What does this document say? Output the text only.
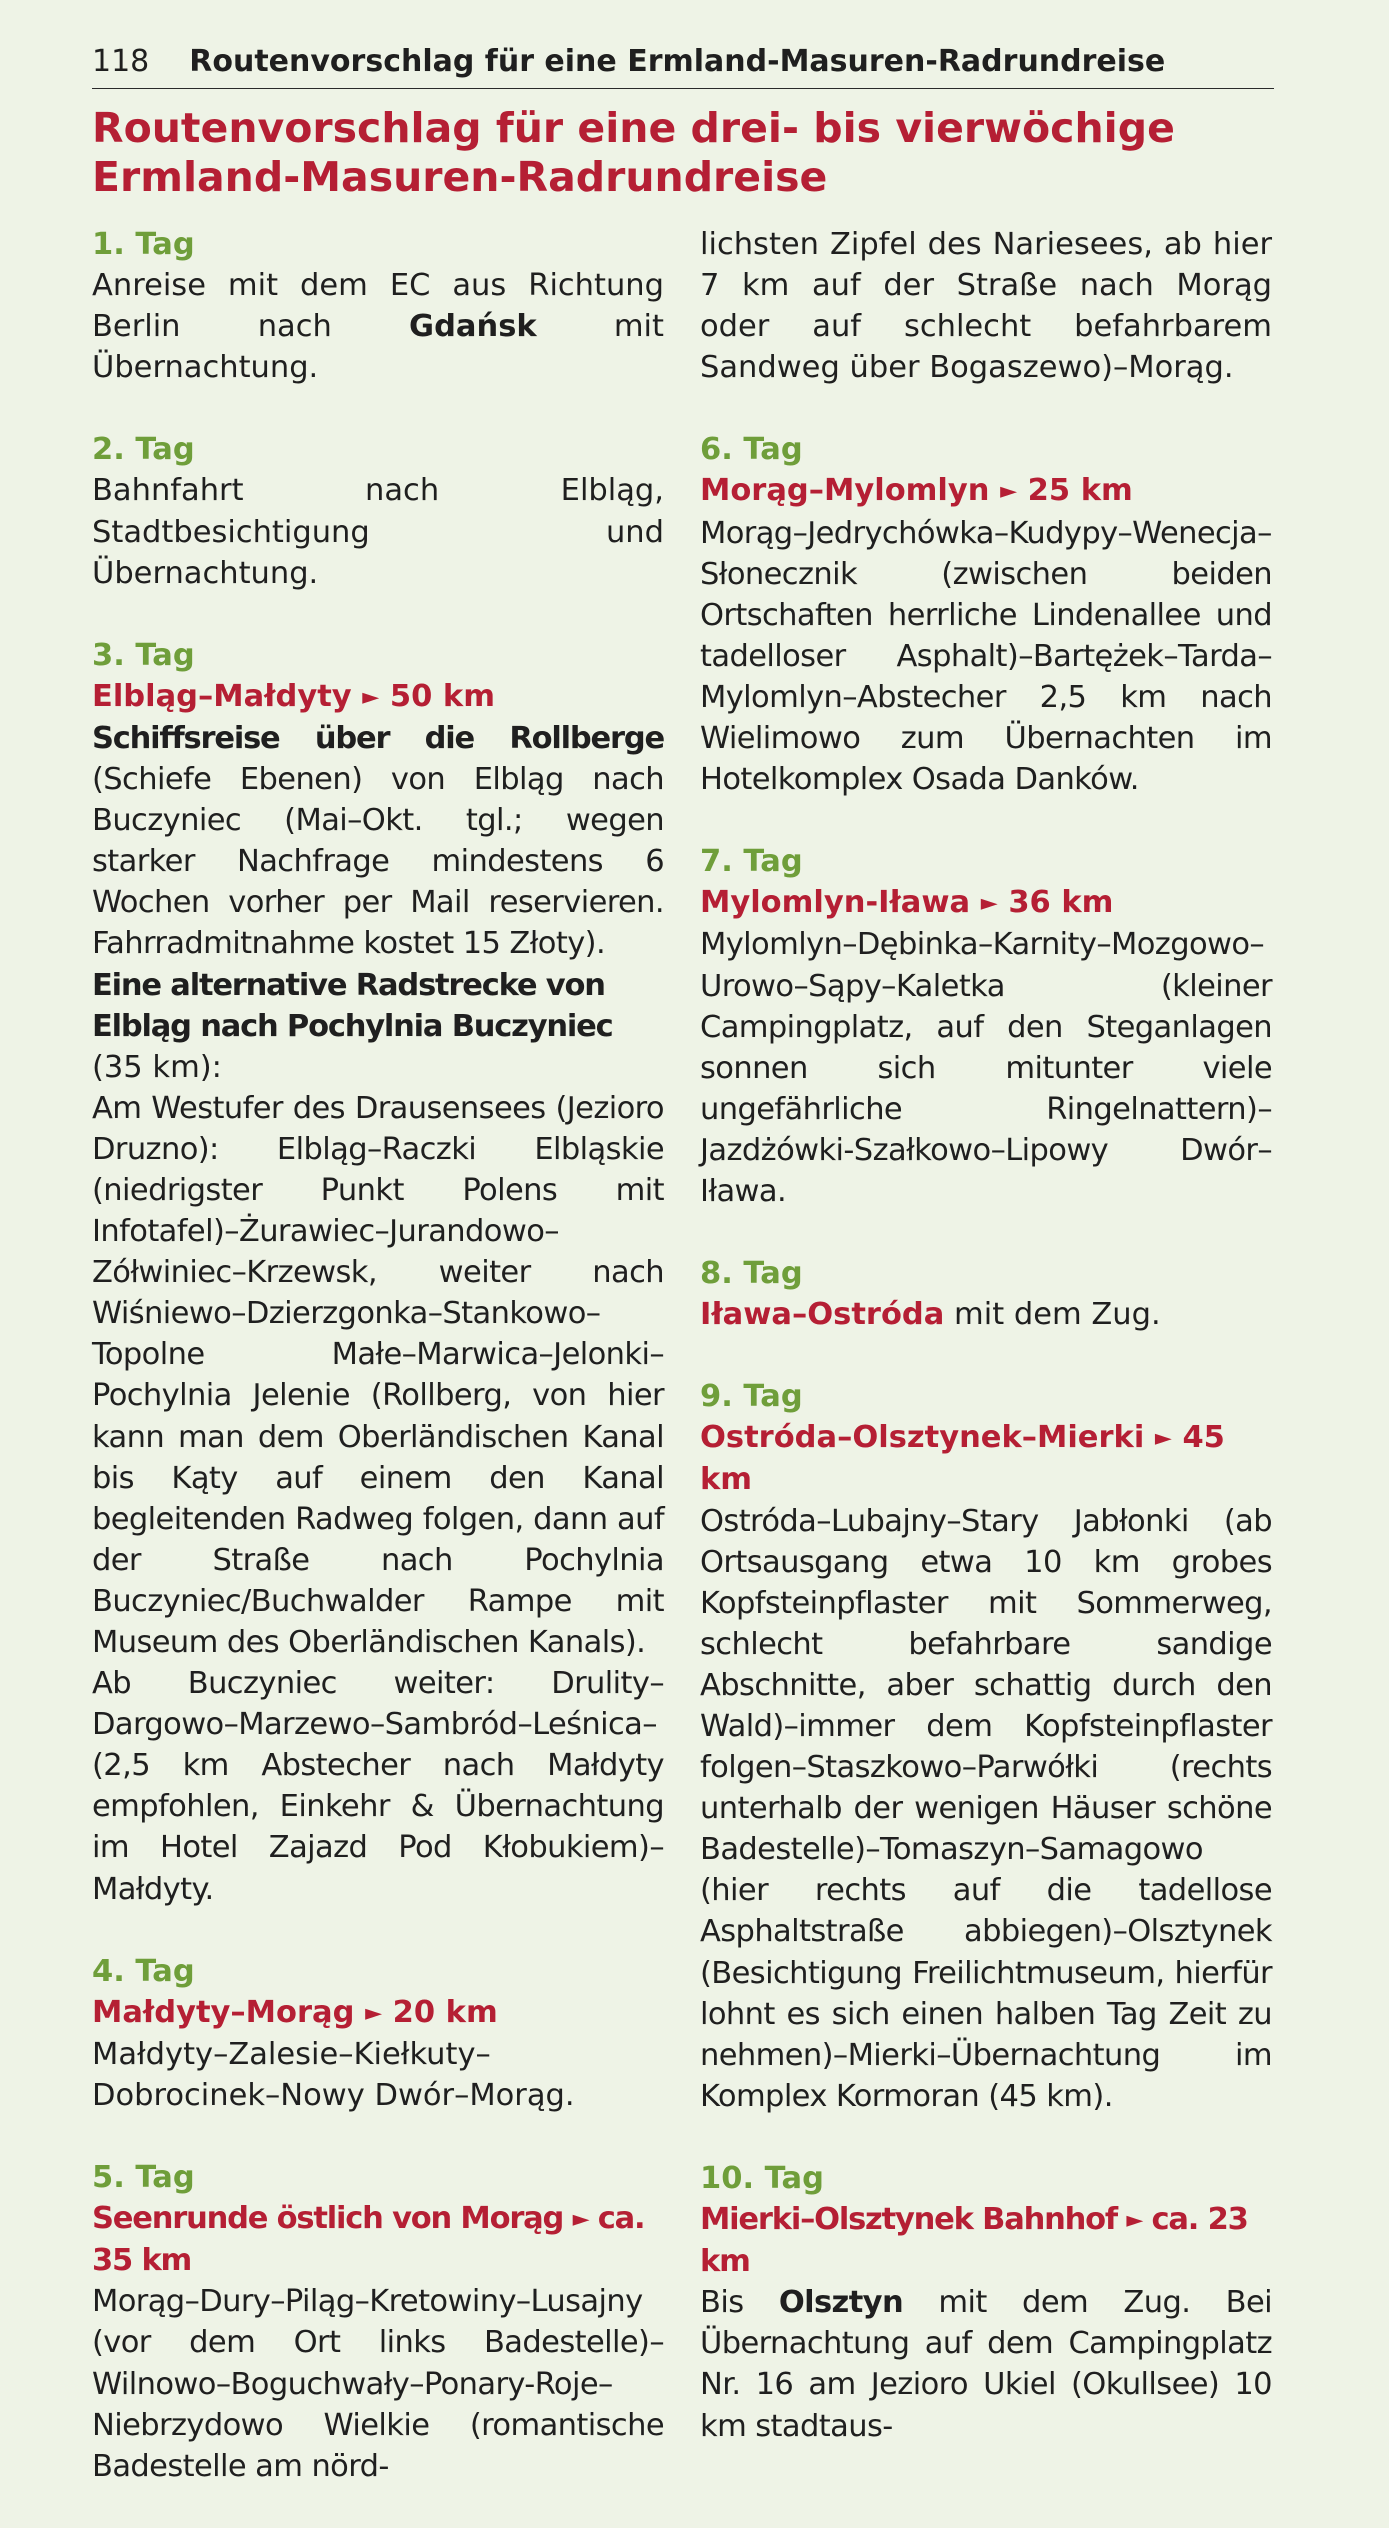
118 Routenvorschlag für eine Ermland-Masuren-Radrundreise
Routenvorschlag für eine drei- bis vierwöchige
Ermland-Masuren-Radrundreise
1. Tag

Anreise mit dem EC aus Richtung Berlin nach Gdańsk mit Übernachtung.

2. Tag

Bahnfahrt nach Elbląg, Stadtbesichtigung und Übernachtung.

3. Tag
Elbląg–Małdyty ► 50 km

Schiffsreise über die Rollberge (Schiefe Ebenen) von Elbląg nach Buczyniec (Mai–Okt. tgl.; wegen starker Nachfrage mindestens 6 Wochen vorher per Mail reservieren. Fahrradmitnahme kostet 15 Złoty).

Eine alternative Radstrecke von Elbląg nach Pochylnia Buczyniec (35 km):

Am Westufer des Drausensees (Jezioro Druzno): Elbląg–Raczki Elbląskie (niedrigster Punkt Polens mit Infotafel)–Żurawiec–Jurandowo–Zółwiniec–Krzewsk, weiter nach Wiśniewo–Dzierzgonka–Stankowo–Topolne Małe–Marwica–Jelonki–Pochylnia Jelenie (Rollberg, von hier kann man dem Oberländischen Kanal bis Kąty auf einem den Kanal begleitenden Radweg folgen, dann auf der Straße nach Pochylnia Buczyniec/Buchwalder Rampe mit Museum des Oberländischen Kanals).

Ab Buczyniec weiter: Drulity–Dargowo–Marzewo–Sambród–Leśnica–(2,5 km Abstecher nach Małdyty empfohlen, Einkehr & Übernachtung im Hotel Zajazd Pod Kłobukiem)–Małdyty.

4. Tag
Małdyty–Morąg ► 20 km

Małdyty–Zalesie–Kiełkuty–Dobrocinek–Nowy Dwór–Morąg.

5. Tag
Seenrunde östlich von Morąg ► ca. 35 km

Morąg–Dury–Piląg–Kretowiny–Lusajny (vor dem Ort links Badestelle)–Wilnowo–Boguchwały–Ponary-Roje–Niebrzydowo Wielkie (romantische Badestelle am nörd-

lichsten Zipfel des Nariesees, ab hier 7 km auf der Straße nach Morąg oder auf schlecht befahrbarem Sandweg über Bogaszewo)–Morąg.

6. Tag
Morąg–Mylomlyn ► 25 km

Morąg–Jedrychówka–Kudypy–Wenecja–Słonecznik (zwischen beiden Ortschaften herrliche Lindenallee und tadelloser Asphalt)–Bartężek–Tarda–Mylomlyn–Abstecher 2,5 km nach Wielimowo zum Übernachten im Hotelkomplex Osada Danków.

7. Tag
Mylomlyn-Iława ► 36 km

Mylomlyn–Dębinka–Karnity–Mozgowo–Urowo–Sąpy–Kaletka (kleiner Campingplatz, auf den Steganlagen sonnen sich mitunter viele ungefährliche Ringelnattern)–Jazdżówki-Szałkowo–Lipowy Dwór–Iława.

8. Tag

Iława–Ostróda mit dem Zug.

9. Tag
Ostróda–Olsztynek–Mierki ► 45 km

Ostróda–Lubajny–Stary Jabłonki (ab Ortsausgang etwa 10 km grobes Kopfsteinpflaster mit Sommerweg, schlecht befahrbare sandige Abschnitte, aber schattig durch den Wald)–immer dem Kopfsteinpflaster folgen–Staszkowo–Parwółki (rechts unterhalb der wenigen Häuser schöne Badestelle)–Tomaszyn–Samagowo (hier rechts auf die tadellose Asphaltstraße abbiegen)–Olsztynek (Besichtigung Freilichtmuseum, hierfür lohnt es sich einen halben Tag Zeit zu nehmen)–Mierki–Übernachtung im Komplex Kormoran (45 km).

10. Tag
Mierki–Olsztynek Bahnhof ► ca. 23 km

Bis Olsztyn mit dem Zug. Bei Übernachtung auf dem Campingplatz Nr. 16 am Jezioro Ukiel (Okullsee) 10 km stadtaus-
